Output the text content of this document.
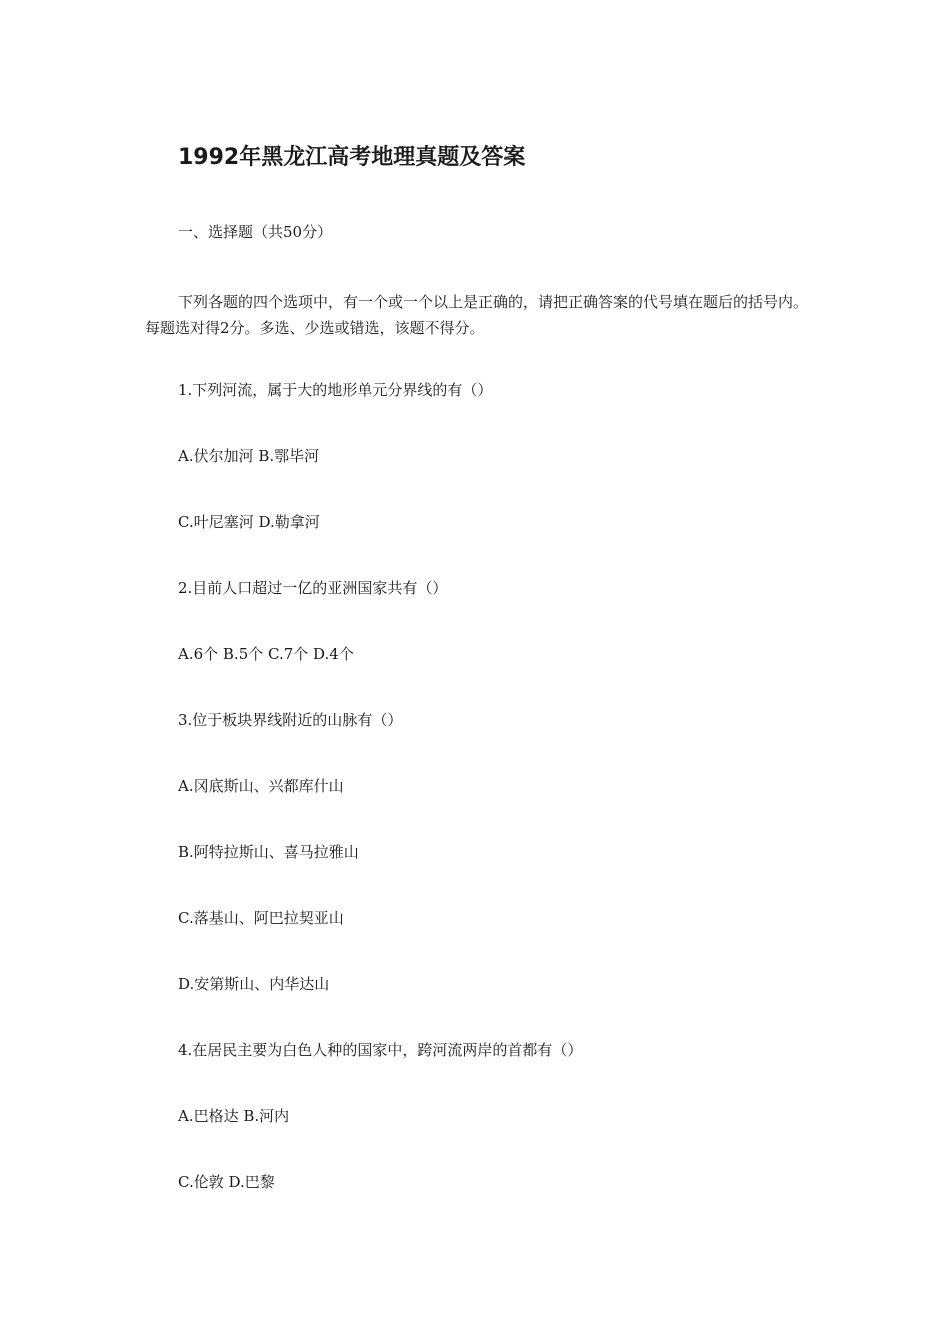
1992年黑龙江高考地理真题及答案
一、选择题（共50分）
下列各题的四个选项中，有一个或一个以上是正确的，请把正确答案的代号填在题后的括号内。每题选对得2分。多选、少选或错选，该题不得分。
1.下列河流，属于大的地形单元分界线的有（）
A.伏尔加河 B.鄂毕河
C.叶尼塞河 D.勒拿河
2.目前人口超过一亿的亚洲国家共有（）
A.6个 B.5个 C.7个 D.4个
3.位于板块界线附近的山脉有（）
A.冈底斯山、兴都库什山
B.阿特拉斯山、喜马拉雅山
C.落基山、阿巴拉契亚山
D.安第斯山、内华达山
4.在居民主要为白色人种的国家中，跨河流两岸的首都有（）
A.巴格达 B.河内
C.伦敦 D.巴黎
